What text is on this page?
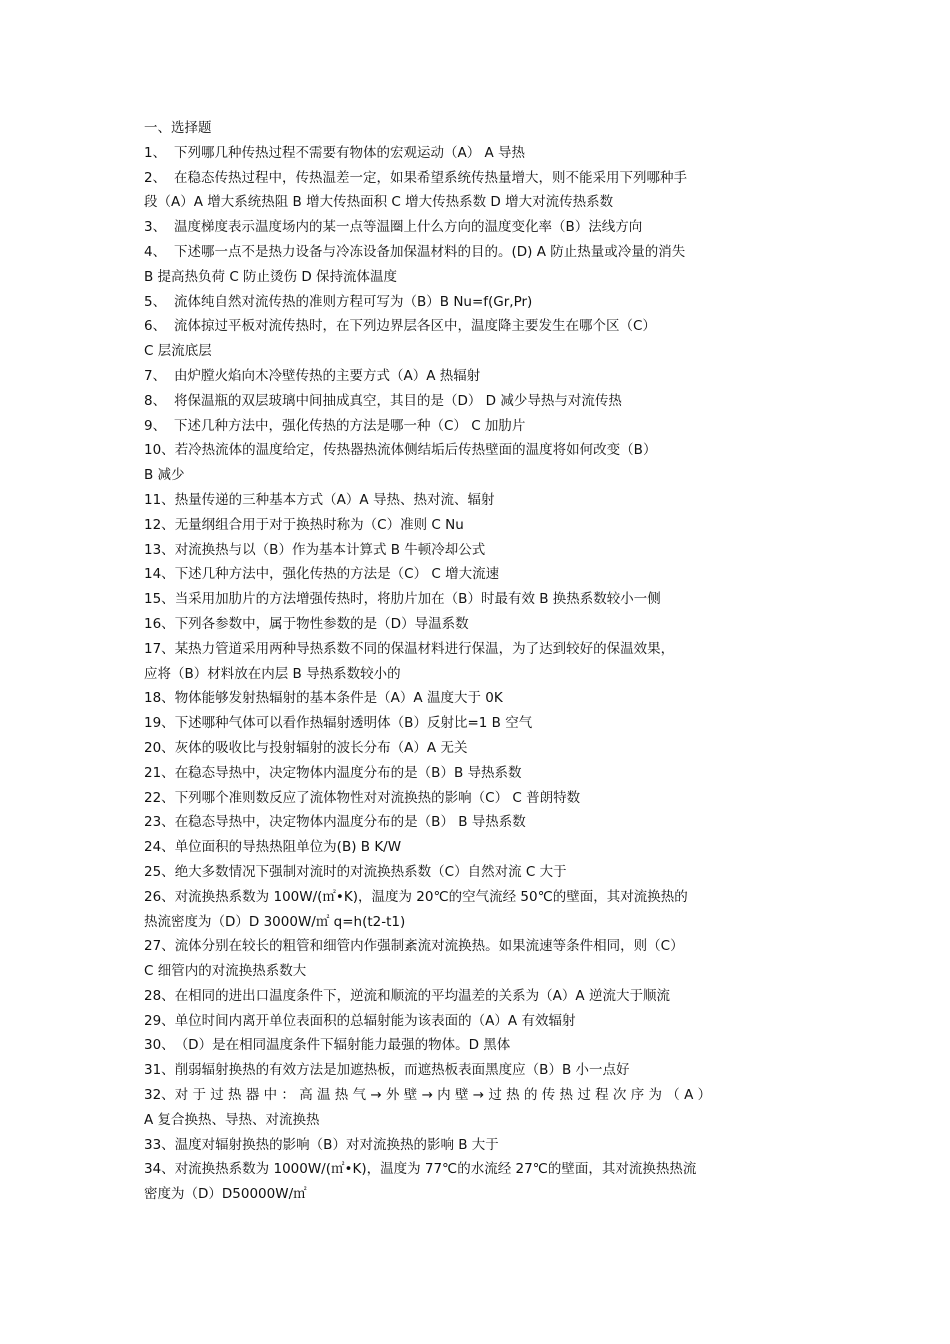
一、选择题
1、 下列哪几种传热过程不需要有物体的宏观运动（A） A 导热
2、 在稳态传热过程中，传热温差一定，如果希望系统传热量增大，则不能采用下列哪种手
段（A）A 增大系统热阻 B 增大传热面积 C 增大传热系数 D 增大对流传热系数
3、 温度梯度表示温度场内的某一点等温圈上什么方向的温度变化率（B）法线方向
4、 下述哪一点不是热力设备与冷冻设备加保温材料的目的。(D) A 防止热量或冷量的消失
B 提高热负荷 C 防止烫伤 D 保持流体温度
5、 流体纯自然对流传热的准则方程可写为（B）B Nu=f(Gr,Pr)
6、 流体掠过平板对流传热时，在下列边界层各区中，温度降主要发生在哪个区（C）
C 层流底层
7、 由炉膛火焰向木冷壁传热的主要方式（A）A 热辐射
8、 将保温瓶的双层玻璃中间抽成真空，其目的是（D） D 减少导热与对流传热
9、 下述几种方法中，强化传热的方法是哪一种（C） C 加肋片
10、若冷热流体的温度给定，传热器热流体侧结垢后传热壁面的温度将如何改变（B）
B 减少
11、热量传递的三种基本方式（A）A 导热、热对流、辐射
12、无量纲组合用于对于换热时称为（C）准则 C Nu
13、对流换热与以（B）作为基本计算式 B 牛顿冷却公式
14、下述几种方法中，强化传热的方法是（C） C 增大流速
15、当采用加肋片的方法增强传热时，将肋片加在（B）时最有效 B 换热系数较小一侧
16、下列各参数中，属于物性参数的是（D）导温系数
17、某热力管道采用两种导热系数不同的保温材料进行保温，为了达到较好的保温效果，
应将（B）材料放在内层 B 导热系数较小的
18、物体能够发射热辐射的基本条件是（A）A 温度大于 0K
19、下述哪种气体可以看作热辐射透明体（B）反射比=1 B 空气
20、灰体的吸收比与投射辐射的波长分布（A）A 无关
21、在稳态导热中，决定物体内温度分布的是（B）B 导热系数
22、下列哪个准则数反应了流体物性对对流换热的影响（C） C 普朗特数
23、在稳态导热中，决定物体内温度分布的是（B） B 导热系数
24、单位面积的导热热阻单位为(B) B K/W
25、绝大多数情况下强制对流时的对流换热系数（C）自然对流 C 大于
26、对流换热系数为 100W/(㎡•K)，温度为 20℃的空气流经 50℃的壁面，其对流换热的
热流密度为（D）D 3000W/㎡ q=h(t2-t1)
27、流体分别在较长的粗管和细管内作强制紊流对流换热。如果流速等条件相同，则（C）
C 细管内的对流换热系数大
28、在相同的进出口温度条件下，逆流和顺流的平均温差的关系为（A）A 逆流大于顺流
29、单位时间内离开单位表面积的总辐射能为该表面的（A）A 有效辐射
30、（D）是在相同温度条件下辐射能力最强的物体。D 黑体
31、削弱辐射换热的有效方法是加遮热板，而遮热板表面黑度应（B）B 小一点好
32、对 于 过 热 器 中 ： 高 温 热 气 → 外 壁 → 内 壁 → 过 热 的 传 热 过 程 次 序 为 （ A ）
A 复合换热、导热、对流换热
33、温度对辐射换热的影响（B）对对流换热的影响 B 大于
34、对流换热系数为 1000W/(㎡•K)，温度为 77℃的水流经 27℃的壁面，其对流换热热流
密度为（D）D50000W/㎡
